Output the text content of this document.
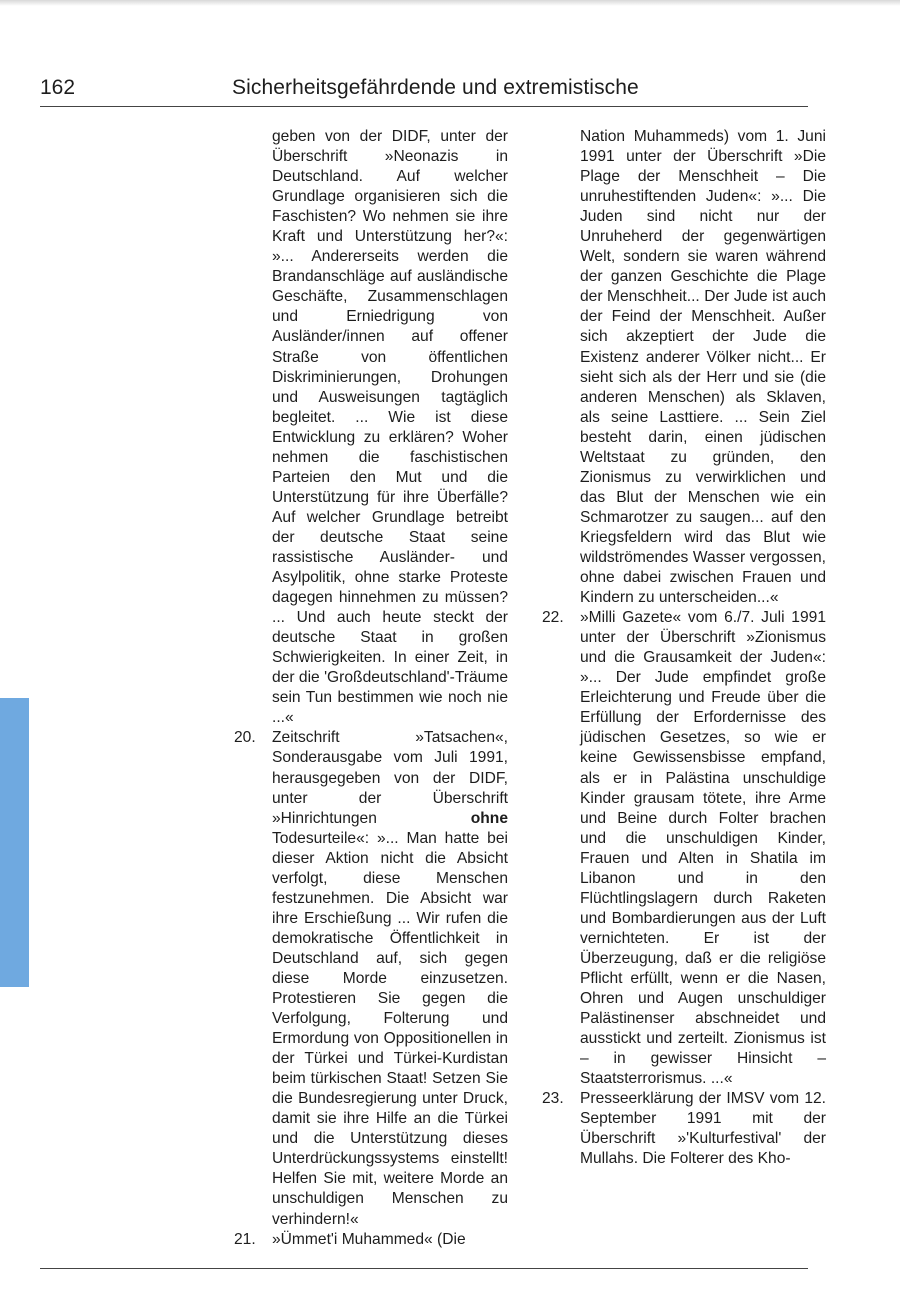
162	Sicherheitsgefährdende und extremistische

geben von der DIDF, unter der Überschrift »Neonazis in Deutschland. Auf welcher Grundlage organisieren sich die Faschisten? Wo nehmen sie ihre Kraft und Unterstützung her?«: »... Andererseits werden die Brandanschläge auf ausländische Geschäfte, Zusammenschlagen und Erniedrigung von Ausländer/innen auf offener Straße von öffentlichen Diskriminierungen, Drohungen und Ausweisungen tagtäglich begleitet. ... Wie ist diese Entwicklung zu erklären? Woher nehmen die faschistischen Parteien den Mut und die Unterstützung für ihre Überfälle? Auf welcher Grundlage betreibt der deutsche Staat seine rassistische Ausländer- und Asylpolitik, ohne starke Proteste dagegen hinnehmen zu müssen? ... Und auch heute steckt der deutsche Staat in großen Schwierigkeiten. In einer Zeit, in der die 'Großdeutschland'-Träume sein Tun bestimmen wie noch nie ...«

20. Zeitschrift »Tatsachen«, Sonderausgabe vom Juli 1991, herausgegeben von der DIDF, unter der Überschrift »Hinrichtungen ohne Todesurteile«: »... Man hatte bei dieser Aktion nicht die Absicht verfolgt, diese Menschen festzunehmen. Die Absicht war ihre Erschießung ... Wir rufen die demokratische Öffentlichkeit in Deutschland auf, sich gegen diese Morde einzusetzen. Protestieren Sie gegen die Verfolgung, Folterung und Ermordung von Oppositionellen in der Türkei und Türkei-Kurdistan beim türkischen Staat! Setzen Sie die Bundesregierung unter Druck, damit sie ihre Hilfe an die Türkei und die Unterstützung dieses Unterdrückungssystems einstellt! Helfen Sie mit, weitere Morde an unschuldigen Menschen zu verhindern!«
21. »Ümmet'i Muhammed« (Die

Nation Muhammeds) vom 1. Juni 1991 unter der Überschrift »Die Plage der Menschheit – Die unruhestiftenden Juden«: »... Die Juden sind nicht nur der Unruheherd der gegenwärtigen Welt, sondern sie waren während der ganzen Geschichte die Plage der Menschheit... Der Jude ist auch der Feind der Menschheit. Außer sich akzeptiert der Jude die Existenz anderer Völker nicht... Er sieht sich als der Herr und sie (die anderen Menschen) als Sklaven, als seine Lasttiere. ... Sein Ziel besteht darin, einen jüdischen Weltstaat zu gründen, den Zionismus zu verwirklichen und das Blut der Menschen wie ein Schmarotzer zu saugen... auf den Kriegsfeldern wird das Blut wie wildströmendes Wasser vergossen, ohne dabei zwischen Frauen und Kindern zu unterscheiden...«

22. »Milli Gazete« vom 6./7. Juli 1991 unter der Überschrift »Zionismus und die Grausamkeit der Juden«: »... Der Jude empfindet große Erleichterung und Freude über die Erfüllung der Erfordernisse des jüdischen Gesetzes, so wie er keine Gewissensbisse empfand, als er in Palästina unschuldige Kinder grausam tötete, ihre Arme und Beine durch Folter brachen und die unschuldigen Kinder, Frauen und Alten in Shatila im Libanon und in den Flüchtlingslagern durch Raketen und Bombardierungen aus der Luft vernichteten. Er ist der Überzeugung, daß er die religiöse Pflicht erfüllt, wenn er die Nasen, Ohren und Augen unschuldiger Palästinenser abschneidet und ausstickt und zerteilt. Zionismus ist – in gewisser Hinsicht – Staatsterrorismus. ...«
23. Presseerklärung der IMSV vom 12. September 1991 mit der Überschrift »'Kulturfestival' der Mullahs. Die Folterer des Kho-
